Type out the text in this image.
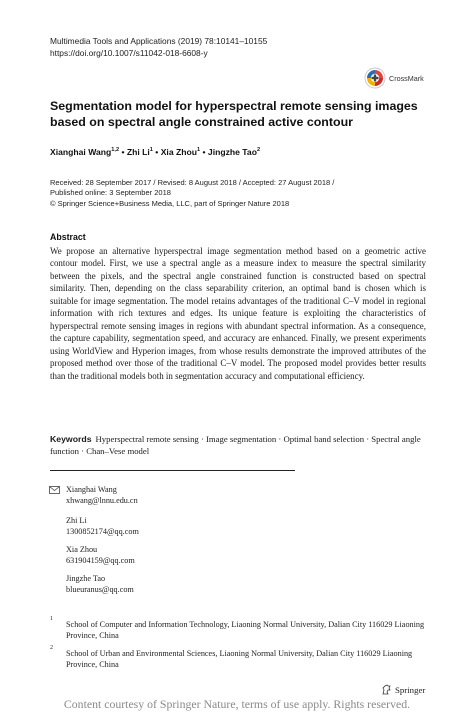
Multimedia Tools and Applications (2019) 78:10141–10155
https://doi.org/10.1007/s11042-018-6608-y
CrossMark
Segmentation model for hyperspectral remote sensing images based on spectral angle constrained active contour
Xianghai Wang$^{1,2}$ • Zhi Li$^1$ • Xia Zhou$^1$ • Jingzhe Tao$^2$
Received: 28 September 2017 / Revised: 8 August 2018 / Accepted: 27 August 2018 /
Published online: 3 September 2018
© Springer Science+Business Media, LLC, part of Springer Nature 2018
Abstract
We propose an alternative hyperspectral image segmentation method based on a geometric active contour model. First, we use a spectral angle as a measure index to measure the spectral similarity between the pixels, and the spectral angle constrained function is constructed based on spectral similarity. Then, depending on the class separability criterion, an optimal band is chosen which is suitable for image segmentation. The model retains advantages of the traditional C–V model in regional information with rich textures and edges. Its unique feature is exploiting the characteristics of hyperspectral remote sensing images in regions with abundant spectral information. As a consequence, the capture capability, segmentation speed, and accuracy are enhanced. Finally, we present experiments using WorldView and Hyperion images, from whose results demonstrate the improved attributes of the proposed method over those of the traditional C–V model. The proposed model provides better results than the traditional models both in segmentation accuracy and computational efficiency.
Keywords Hyperspectral remote sensing · Image segmentation · Optimal band selection · Spectral angle function · Chan–Vese model
Xianghai Wang
xhwang@lnnu.edu.cn
Zhi Li
1300852174@qq.com
Xia Zhou
631904159@qq.com
Jingzhe Tao
blueuranus@qq.com
1
School of Computer and Information Technology, Liaoning Normal University, Dalian City 116029 Liaoning Province, China
2
School of Urban and Environmental Sciences, Liaoning Normal University, Dalian City 116029 Liaoning Province, China
Springer
Content courtesy of Springer Nature, terms of use apply. Rights reserved.
